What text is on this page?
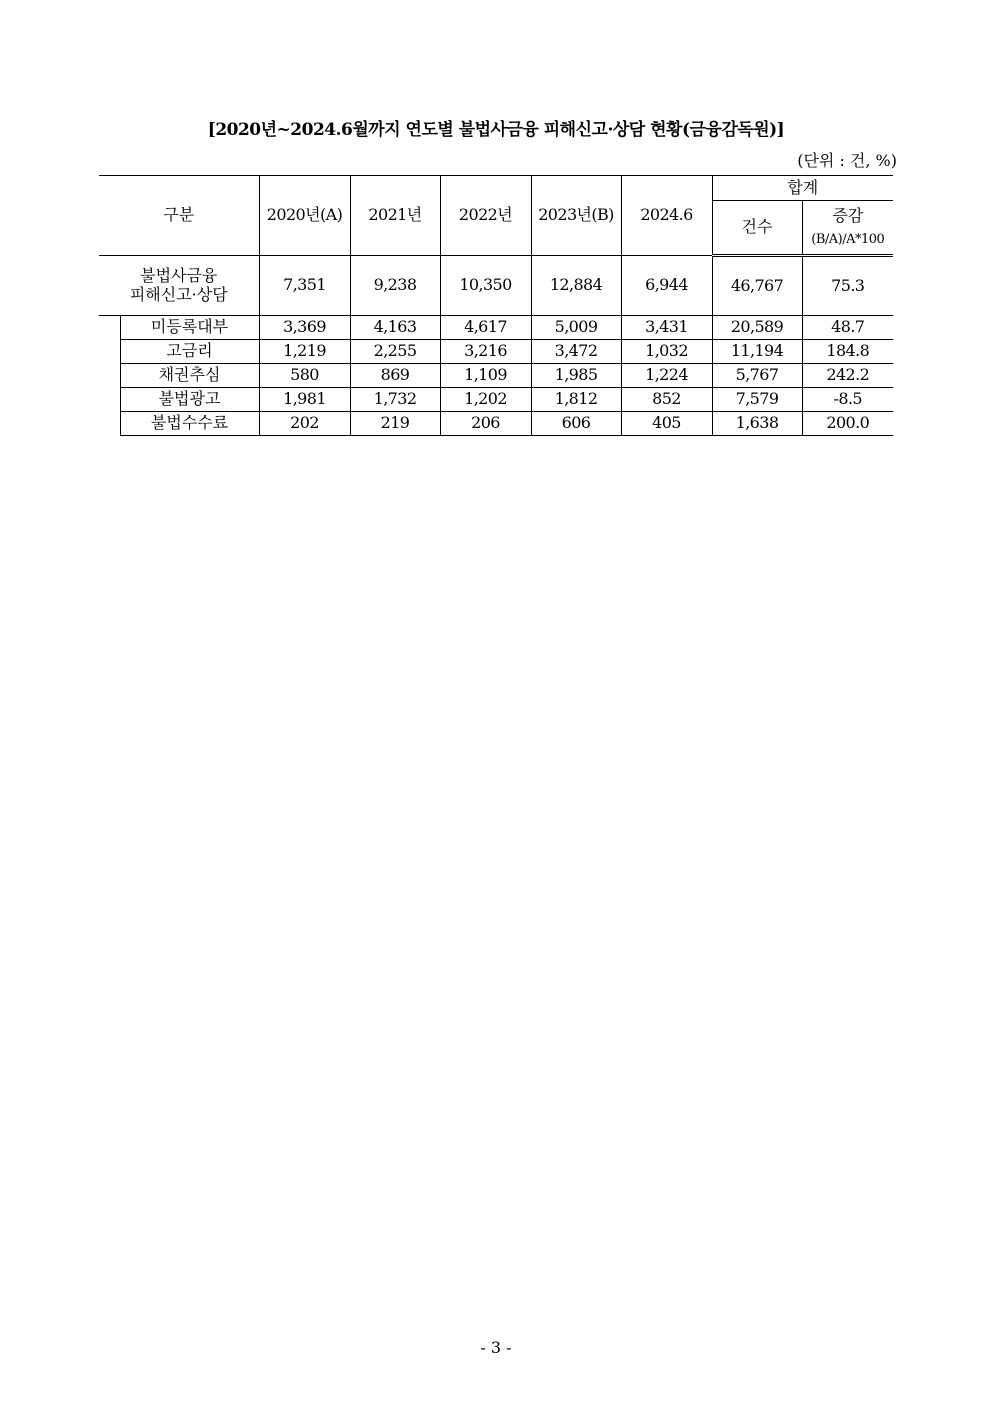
[2020년~2024.6월까지 연도별 불법사금융 피해신고·상담 현황(금융감독원)]
(단위 : 건, %)
구분		2020년(A)	2021년	2022년	2023년(B)	2024.6	합계	
							건수	증감
(B/A)/A*100

불법사금융
피해신고·상담		7,351	9,238	10,350	12,884	6,944	46,767	75.3
	미등록대부	3,369	4,163	4,617	5,009	3,431	20,589	48.7
	고금리	1,219	2,255	3,216	3,472	1,032	11,194	184.8
	채권추심	580	869	1,109	1,985	1,224	5,767	242.2
	불법광고	1,981	1,732	1,202	1,812	852	7,579	-8.5
	불법수수료	202	219	206	606	405	1,638	200.0
- 3 -
